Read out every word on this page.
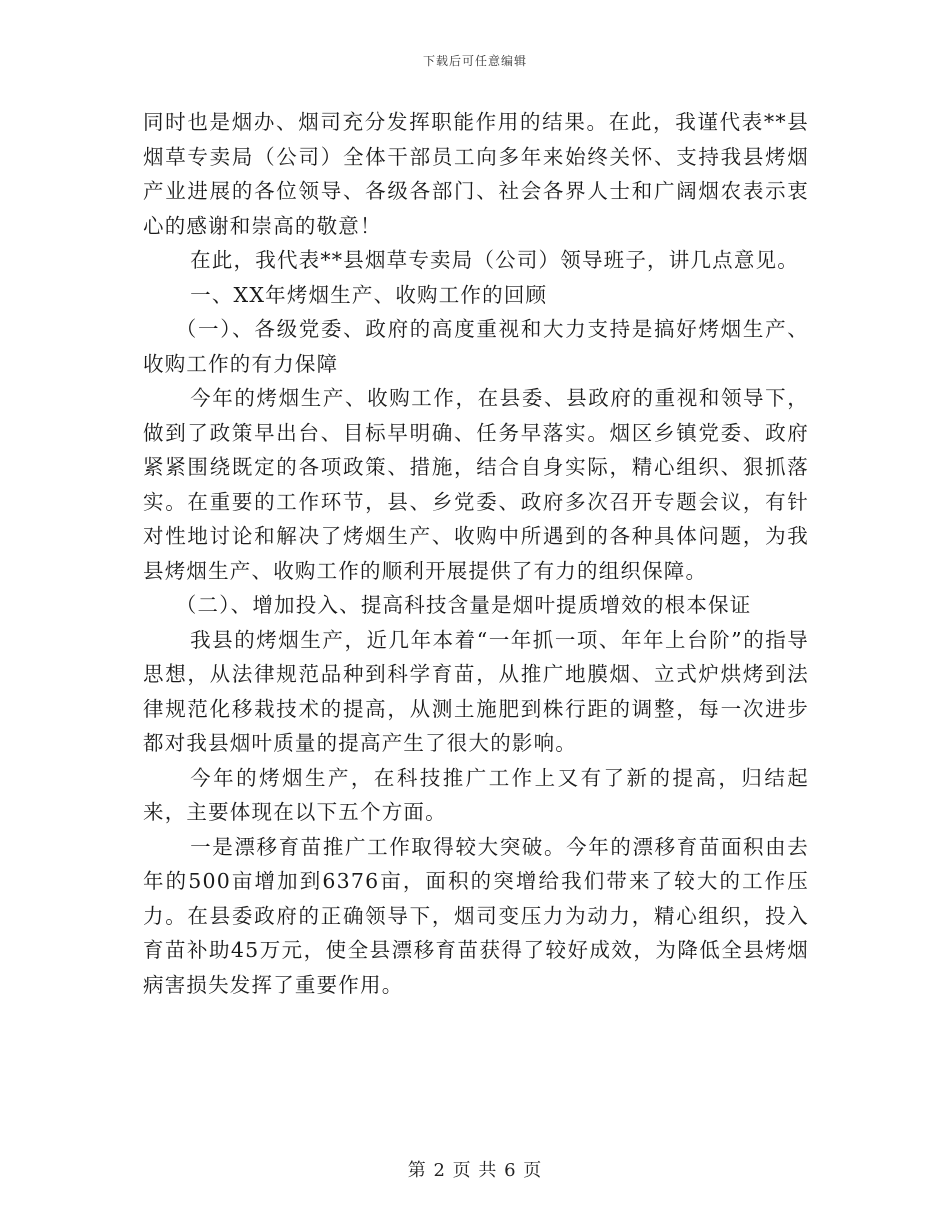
下载后可任意编辑

同时也是烟办、烟司充分发挥职能作用的结果。在此，我谨代表**县烟草专卖局（公司）全体干部员工向多年来始终关怀、支持我县烤烟产业进展的各位领导、各级各部门、社会各界人士和广阔烟农表示衷心的感谢和崇高的敬意！

在此，我代表**县烟草专卖局（公司）领导班子，讲几点意见。

一、XX年烤烟生产、收购工作的回顾

（一）、各级党委、政府的高度重视和大力支持是搞好烤烟生产、收购工作的有力保障

今年的烤烟生产、收购工作，在县委、县政府的重视和领导下，做到了政策早出台、目标早明确、任务早落实。烟区乡镇党委、政府紧紧围绕既定的各项政策、措施，结合自身实际，精心组织、狠抓落实。在重要的工作环节，县、乡党委、政府多次召开专题会议，有针对性地讨论和解决了烤烟生产、收购中所遇到的各种具体问题，为我县烤烟生产、收购工作的顺利开展提供了有力的组织保障。

（二）、增加投入、提高科技含量是烟叶提质增效的根本保证

我县的烤烟生产，近几年本着“一年抓一项、年年上台阶”的指导思想，从法律规范品种到科学育苗，从推广地膜烟、立式炉烘烤到法律规范化移栽技术的提高，从测土施肥到株行距的调整，每一次进步都对我县烟叶质量的提高产生了很大的影响。

今年的烤烟生产，在科技推广工作上又有了新的提高，归结起来，主要体现在以下五个方面。

一是漂移育苗推广工作取得较大突破。今年的漂移育苗面积由去年的500亩增加到6376亩，面积的突增给我们带来了较大的工作压力。在县委政府的正确领导下，烟司变压力为动力，精心组织，投入育苗补助45万元，使全县漂移育苗获得了较好成效，为降低全县烤烟病害损失发挥了重要作用。

第 2 页 共 6 页
